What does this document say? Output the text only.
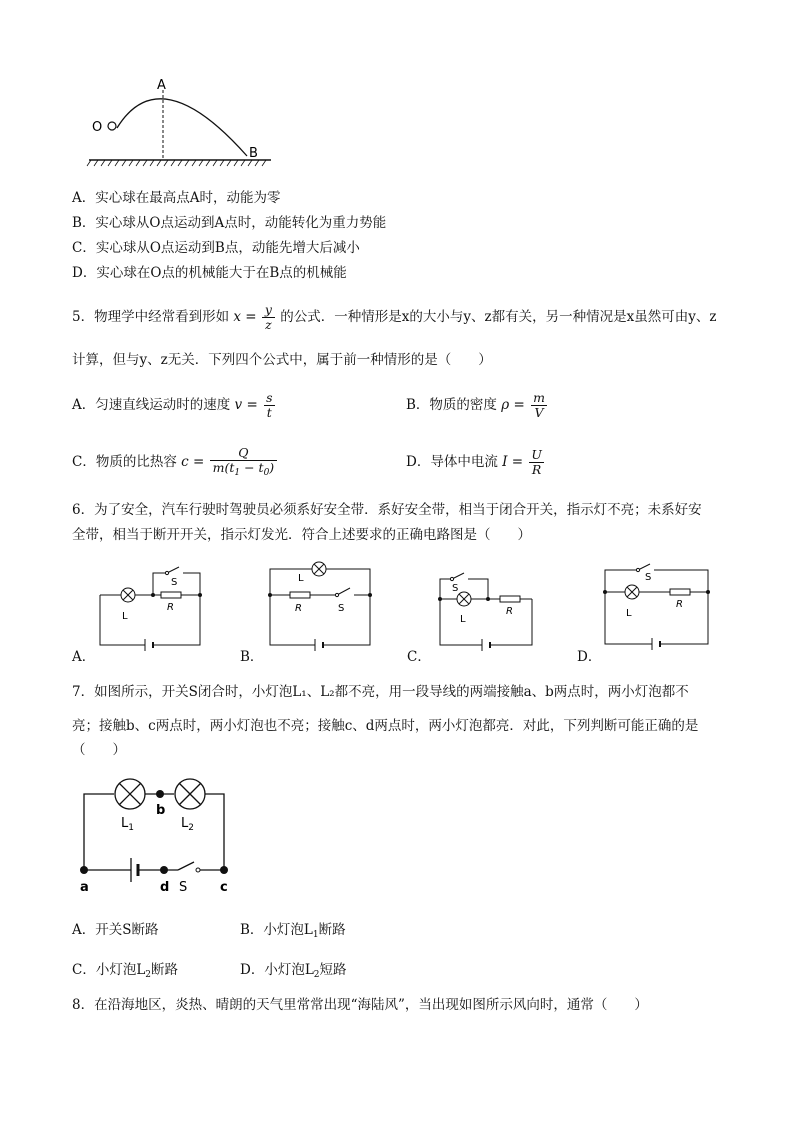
O
A
B
A．实心球在最高点A时，动能为零
B．实心球从O点运动到A点时，动能转化为重力势能
C．实心球从O点运动到B点，动能先增大后减小
D．实心球在O点的机械能大于在B点的机械能
5．物理学中经常看到形如 $x = \frac{y}{z}$ 的公式．一种情形是x的大小与y、z都有关，另一种情况是x虽然可由y、z
计算，但与y、z无关．下列四个公式中，属于前一种情形的是（　　）
A．匀速直线运动时的速度 $v = \frac{s}{t}$	B．物质的密度 $\rho = \frac{m}{V}$
C．物质的比热容 $c = \frac{Q}{m(t_1 - t_0)}$	D．导体中电流 $I = \frac{U}{R}$
6．为了安全，汽车行驶时驾驶员必须系好安全带．系好安全带，相当于闭合开关，指示灯不亮；未系好安
全带，相当于断开开关，指示灯发光．符合上述要求的正确电路图是（　　）
A．
L
S
R
B．
L
R	S
C．
S
L
R
D．
S
L
R
7．如图所示，开关S闭合时，小灯泡L₁、L₂都不亮，用一段导线的两端接触a、b两点时，两小灯泡都不
亮；接触b、c两点时，两小灯泡也不亮；接触c、d两点时，两小灯泡都亮．对此，下列判断可能正确的是
（　　）
$L_1$	$L_2$
b
a	d S	c
A．开关S断路	B．小灯泡$L_1$断路
C．小灯泡$L_2$断路	D．小灯泡$L_2$短路
8．在沿海地区，炎热、晴朗的天气里常常出现“海陆风”，当出现如图所示风向时，通常（　　）
